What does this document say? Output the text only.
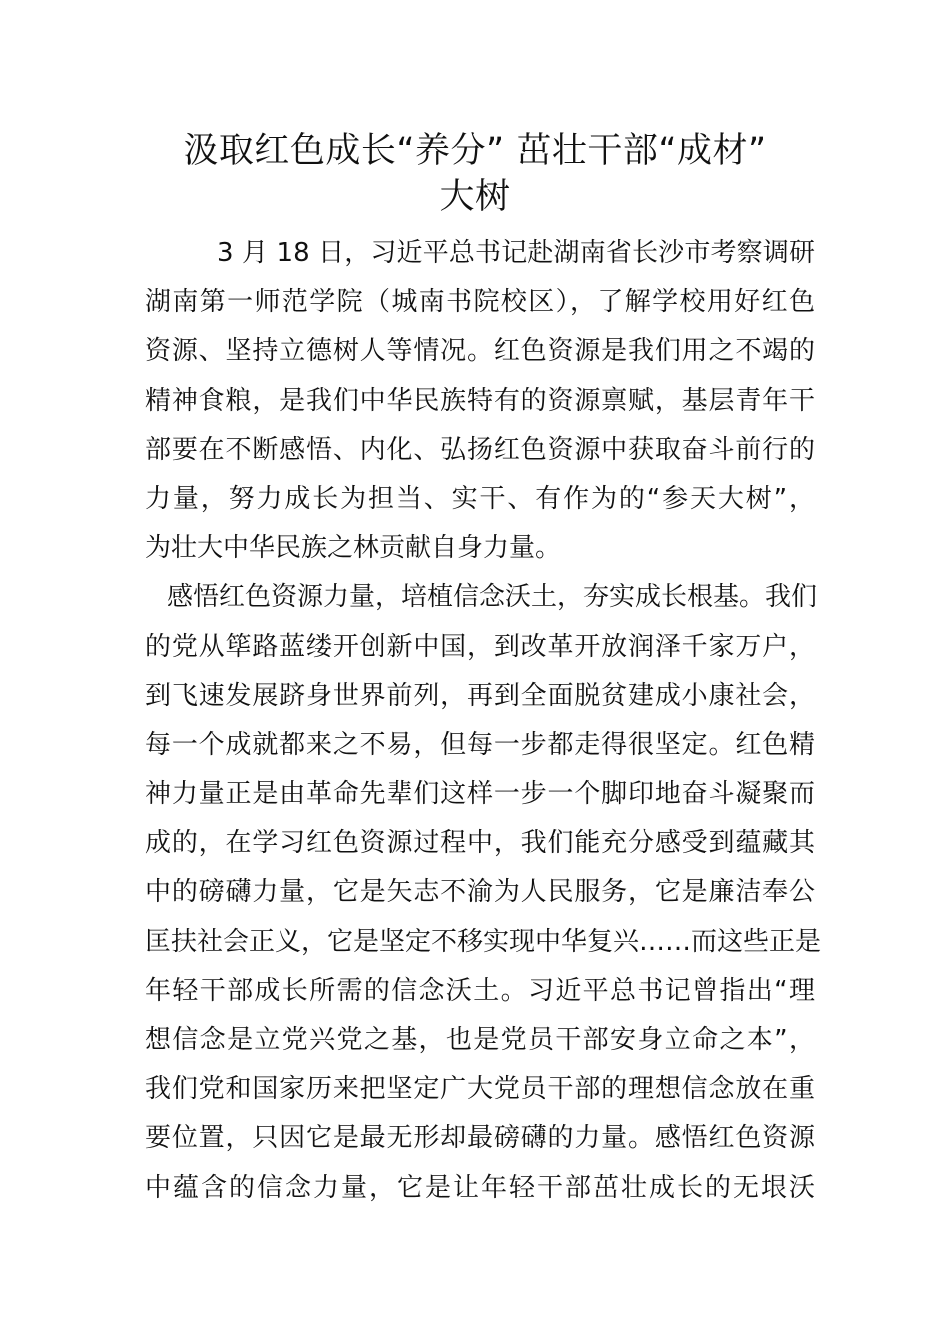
汲取红色成长“养分” 茁壮干部“成材”
大树
3 月 18 日，习近平总书记赴湖南省长沙市考察调研
湖南第一师范学院（城南书院校区），了解学校用好红色
资源、坚持立德树人等情况。红色资源是我们用之不竭的
精神食粮，是我们中华民族特有的资源禀赋，基层青年干
部要在不断感悟、内化、弘扬红色资源中获取奋斗前行的
力量，努力成长为担当、实干、有作为的“参天大树”，
为壮大中华民族之林贡献自身力量。
感悟红色资源力量，培植信念沃土，夯实成长根基。我们
的党从筚路蓝缕开创新中国，到改革开放润泽千家万户，
到飞速发展跻身世界前列，再到全面脱贫建成小康社会，
每一个成就都来之不易，但每一步都走得很坚定。红色精
神力量正是由革命先辈们这样一步一个脚印地奋斗凝聚而
成的，在学习红色资源过程中，我们能充分感受到蕴藏其
中的磅礴力量，它是矢志不渝为人民服务，它是廉洁奉公
匡扶社会正义，它是坚定不移实现中华复兴……而这些正是
年轻干部成长所需的信念沃土。习近平总书记曾指出“理
想信念是立党兴党之基，也是党员干部安身立命之本”，
我们党和国家历来把坚定广大党员干部的理想信念放在重
要位置，只因它是最无形却最磅礴的力量。感悟红色资源
中蕴含的信念力量，它是让年轻干部茁壮成长的无垠沃
